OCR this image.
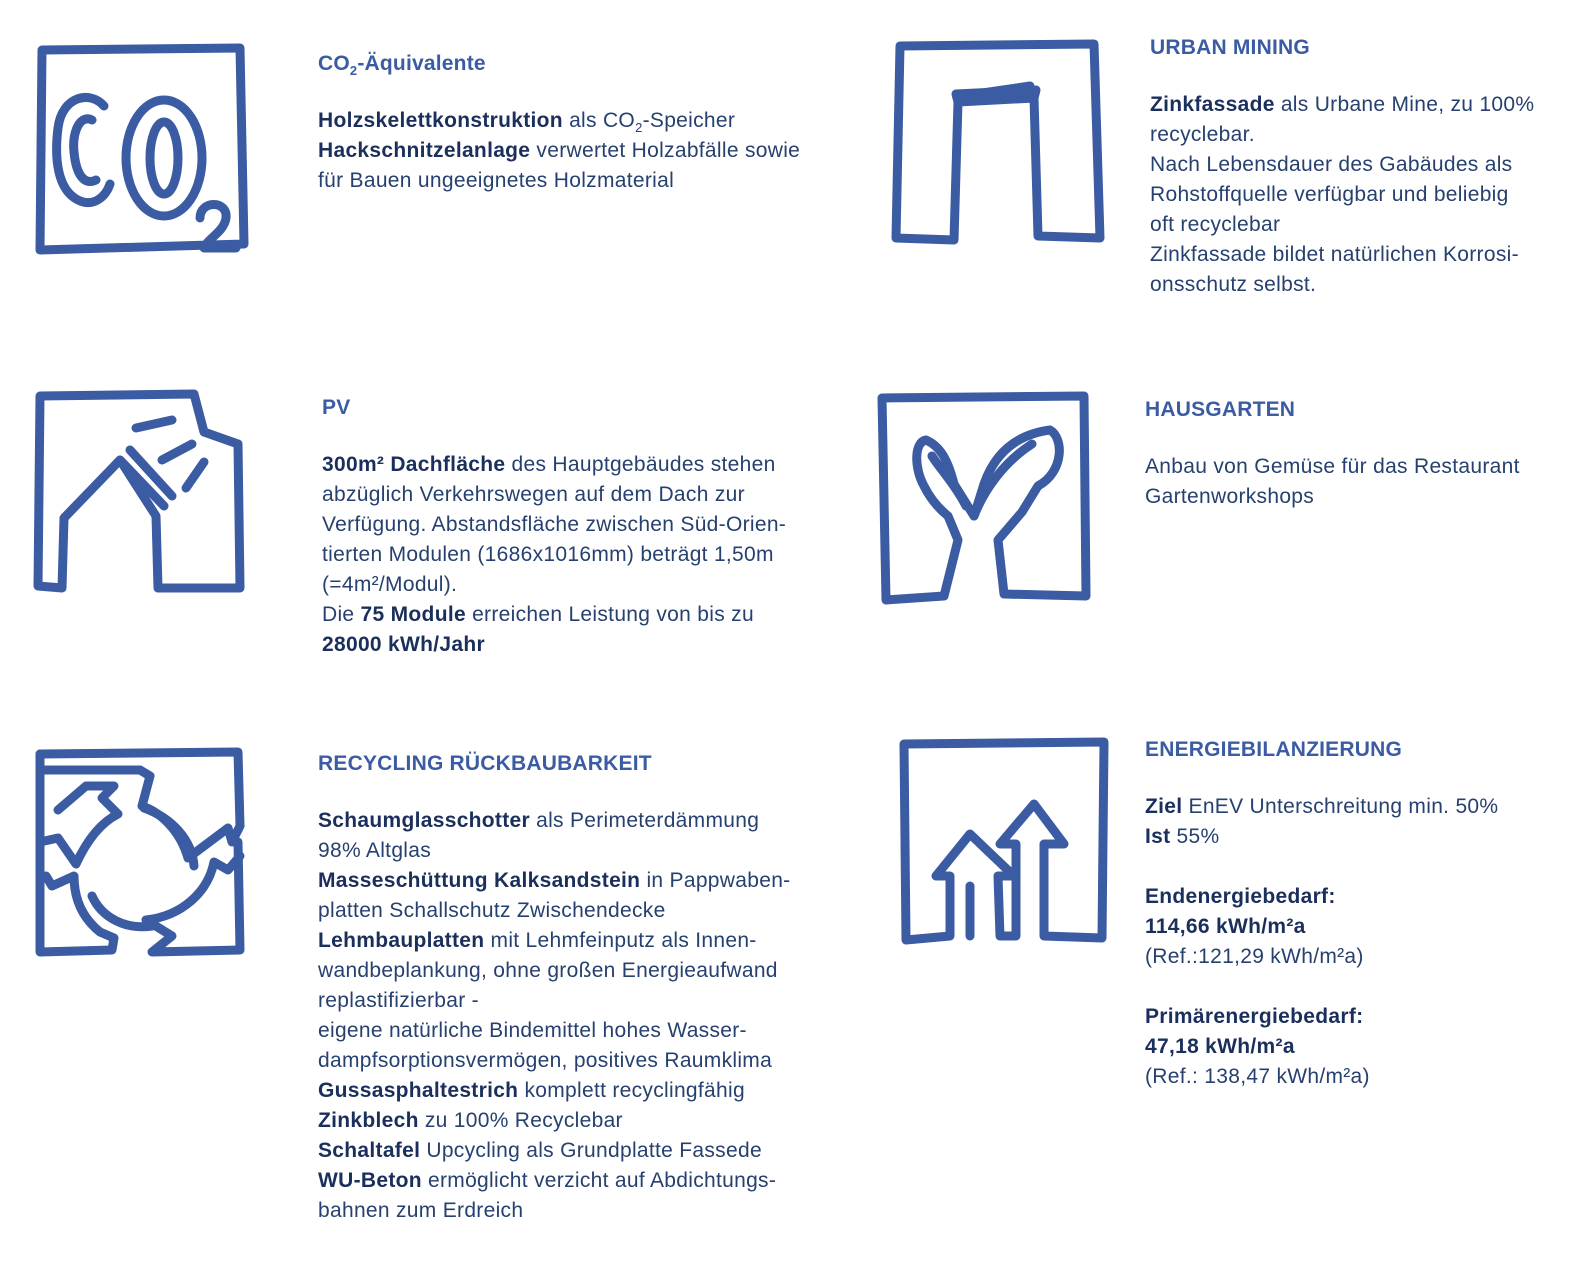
$CO_2$-Äquivalente

Holzskelettkonstruktion als $CO_2$-Speicher

Hackschnitzelanlage verwertet Holzabfälle sowie

für Bauen ungeeignetes Holzmaterial

URBAN MINING

Zinkfassade als Urbane Mine, zu 100%

recyclebar.

Nach Lebensdauer des Gabäudes als

Rohstoffquelle verfügbar und beliebig

oft recyclebar

Zinkfassade bildet natürlichen Korrosi-

onsschutz selbst.

PV

300m² Dachfläche des Hauptgebäudes stehen

abzüglich Verkehrswegen auf dem Dach zur

Verfügung. Abstandsfläche zwischen Süd-Orien-

tierten Modulen (1686x1016mm) beträgt 1,50m

(=4m²/Modul).

Die 75 Module erreichen Leistung von bis zu

28000 kWh/Jahr

HAUSGARTEN

Anbau von Gemüse für das Restaurant

Gartenworkshops

RECYCLING RÜCKBAUBARKEIT

Schaumglasschotter als Perimeterdämmung

98% Altglas

Masseschüttung Kalksandstein in Pappwaben-

platten Schallschutz Zwischendecke

Lehmbauplatten mit Lehmfeinputz als Innen-

wandbeplankung, ohne großen Energieaufwand

replastifizierbar -

eigene natürliche Bindemittel hohes Wasser-

dampfsorptionsvermögen, positives Raumklima

Gussasphaltestrich komplett recyclingfähig

Zinkblech zu 100% Recyclebar

Schaltafel Upcycling als Grundplatte Fassede

WU-Beton ermöglicht verzicht auf Abdichtungs-

bahnen zum Erdreich

ENERGIEBILANZIERUNG

Ziel EnEV Unterschreitung min. 50%

Ist 55%

Endenergiebedarf:

114,66 kWh/m²a

(Ref.:121,29 kWh/m²a)

Primärenergiebedarf:

47,18 kWh/m²a

(Ref.: 138,47 kWh/m²a)
